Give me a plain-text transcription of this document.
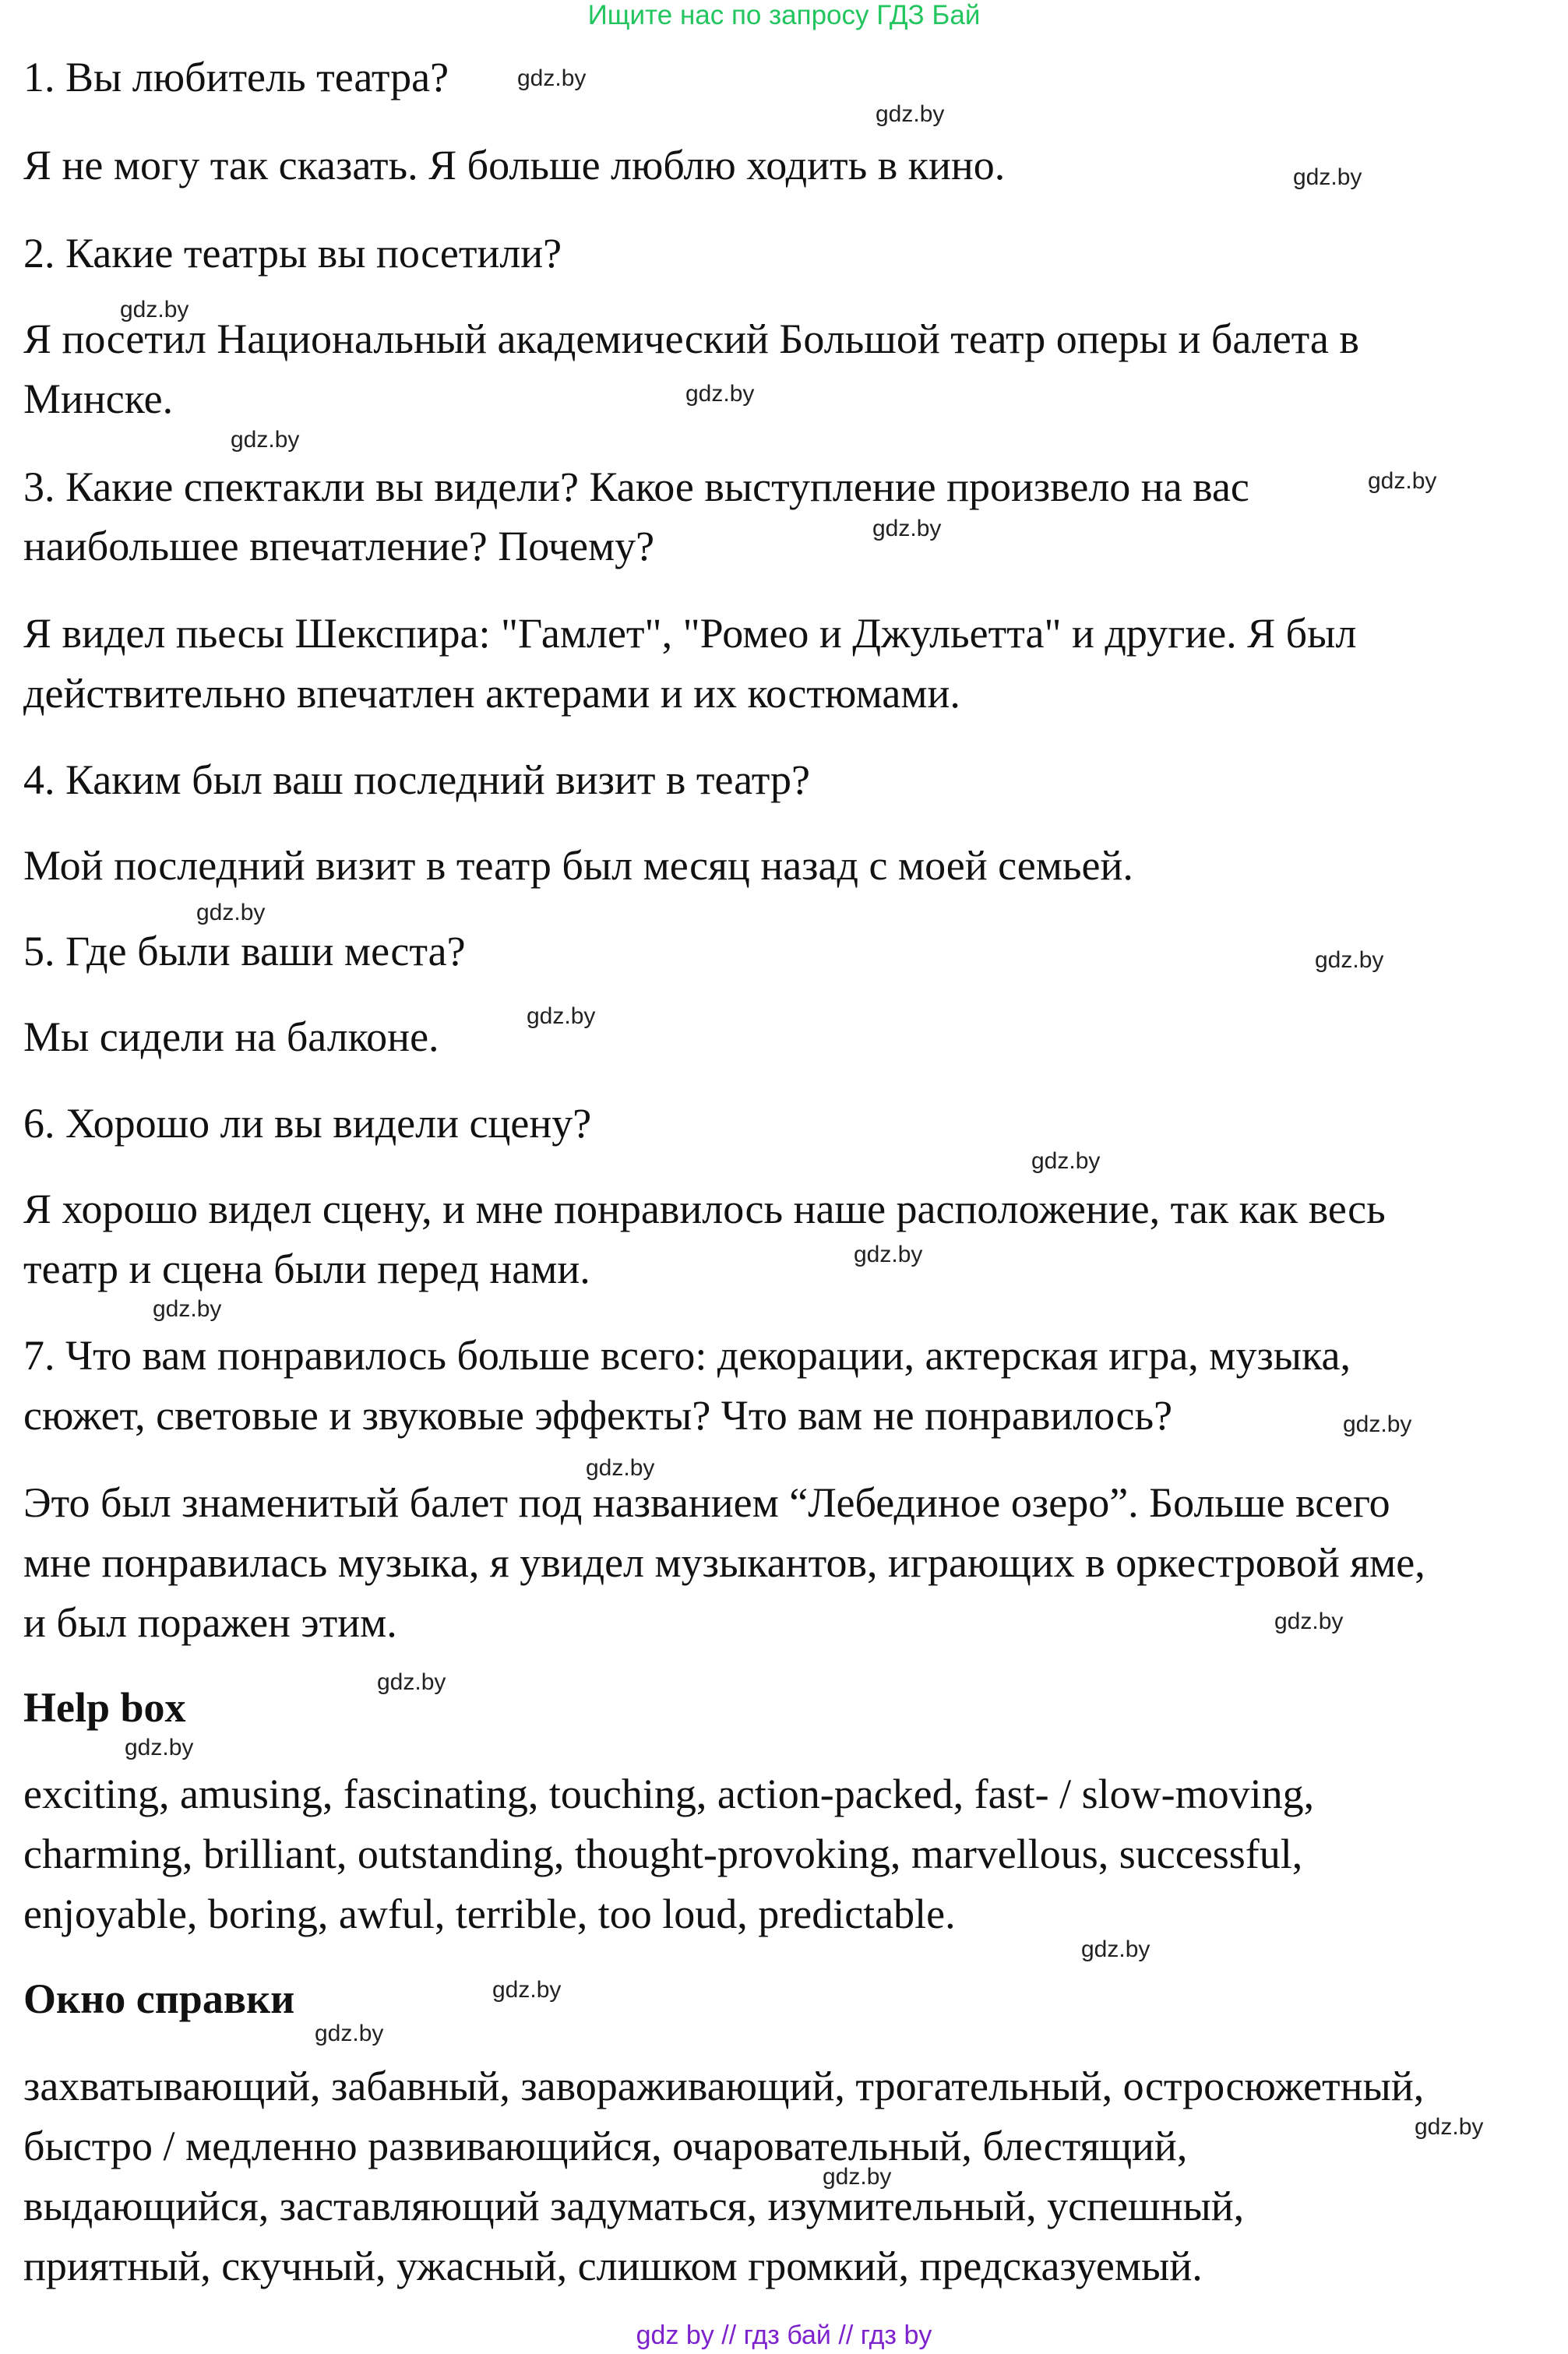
Ищите нас по запросу ГДЗ Бай
1. Вы любитель театра?
Я не могу так сказать. Я больше люблю ходить в кино.
2. Какие театры вы посетили?
Я посетил Национальный академический Большой театр оперы и балета в
Минске.
3. Какие спектакли вы видели? Какое выступление произвело на вас
наибольшее впечатление? Почему?
Я видел пьесы Шекспира: "Гамлет", "Ромео и Джульетта" и другие. Я был
действительно впечатлен актерами и их костюмами.
4. Каким был ваш последний визит в театр?
Мой последний визит в театр был месяц назад с моей семьей.
5. Где были ваши места?
Мы сидели на балконе.
6. Хорошо ли вы видели сцену?
Я хорошо видел сцену, и мне понравилось наше расположение, так как весь
театр и сцена были перед нами.
7. Что вам понравилось больше всего: декорации, актерская игра, музыка,
сюжет, световые и звуковые эффекты? Что вам не понравилось?
Это был знаменитый балет под названием “Лебединое озеро”. Больше всего
мне понравилась музыка, я увидел музыкантов, играющих в оркестровой яме,
и был поражен этим.
Help box
exciting, amusing, fascinating, touching, action-packed, fast- / slow-moving,
charming, brilliant, outstanding, thought-provoking, marvellous, successful,
enjoyable, boring, awful, terrible, too loud, predictable.
Окно справки
захватывающий, забавный, завораживающий, трогательный, остросюжетный,
быстро / медленно развивающийся, очаровательный, блестящий,
выдающийся, заставляющий задуматься, изумительный, успешный,
приятный, скучный, ужасный, слишком громкий, предсказуемый.
gdz.by
gdz.by
gdz.by
gdz.by
gdz.by
gdz.by
gdz.by
gdz.by
gdz.by
gdz.by
gdz.by
gdz.by
gdz.by
gdz.by
gdz.by
gdz.by
gdz.by
gdz.by
gdz.by
gdz.by
gdz.by
gdz.by
gdz.by
gdz.by
gdz by // гдз бай // гдз by
